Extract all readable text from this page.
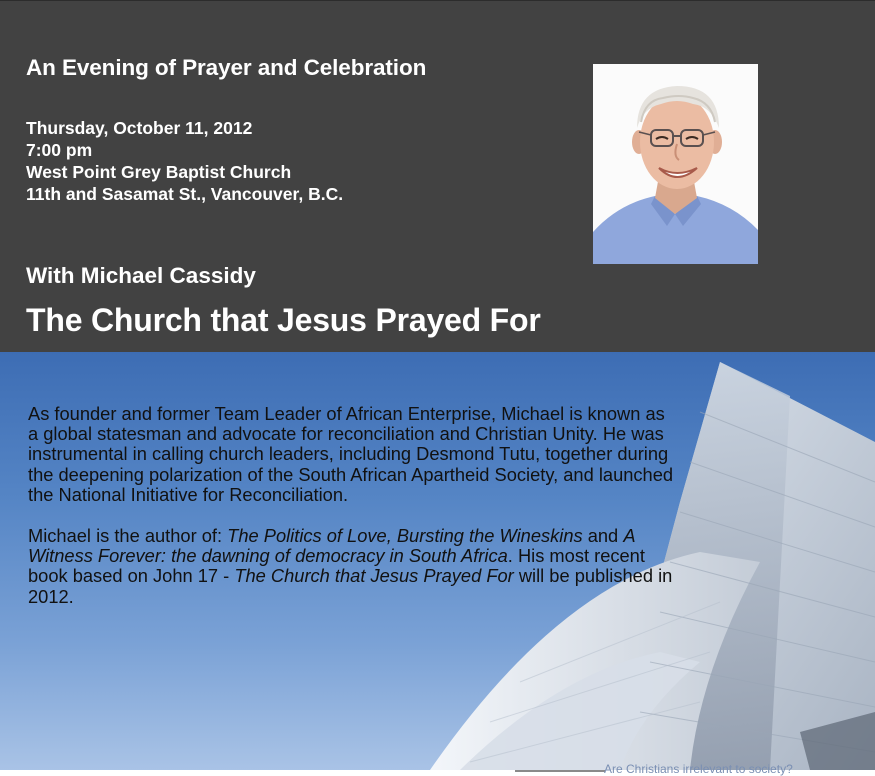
An Evening of Prayer and Celebration
Thursday, October 11, 2012
7:00 pm
West Point Grey Baptist Church
11th and Sasamat St., Vancouver, B.C.
With Michael Cassidy
The Church that Jesus Prayed For

As founder and former Team Leader of African Enterprise, Michael is known as a global statesman and advocate for reconciliation and Christian Unity. He was instrumental in calling church leaders, including Desmond Tutu, together during the deepening polarization of the South African Apartheid Society, and launched the National Initiative for Reconciliation.

Michael is the author of: The Politics of Love, Bursting the Wineskins and A Witness Forever: the dawning of democracy in South Africa. His most recent book based on John 17 - The Church that Jesus Prayed For will be published in 2012.

Are Christians irrelevant to society?
